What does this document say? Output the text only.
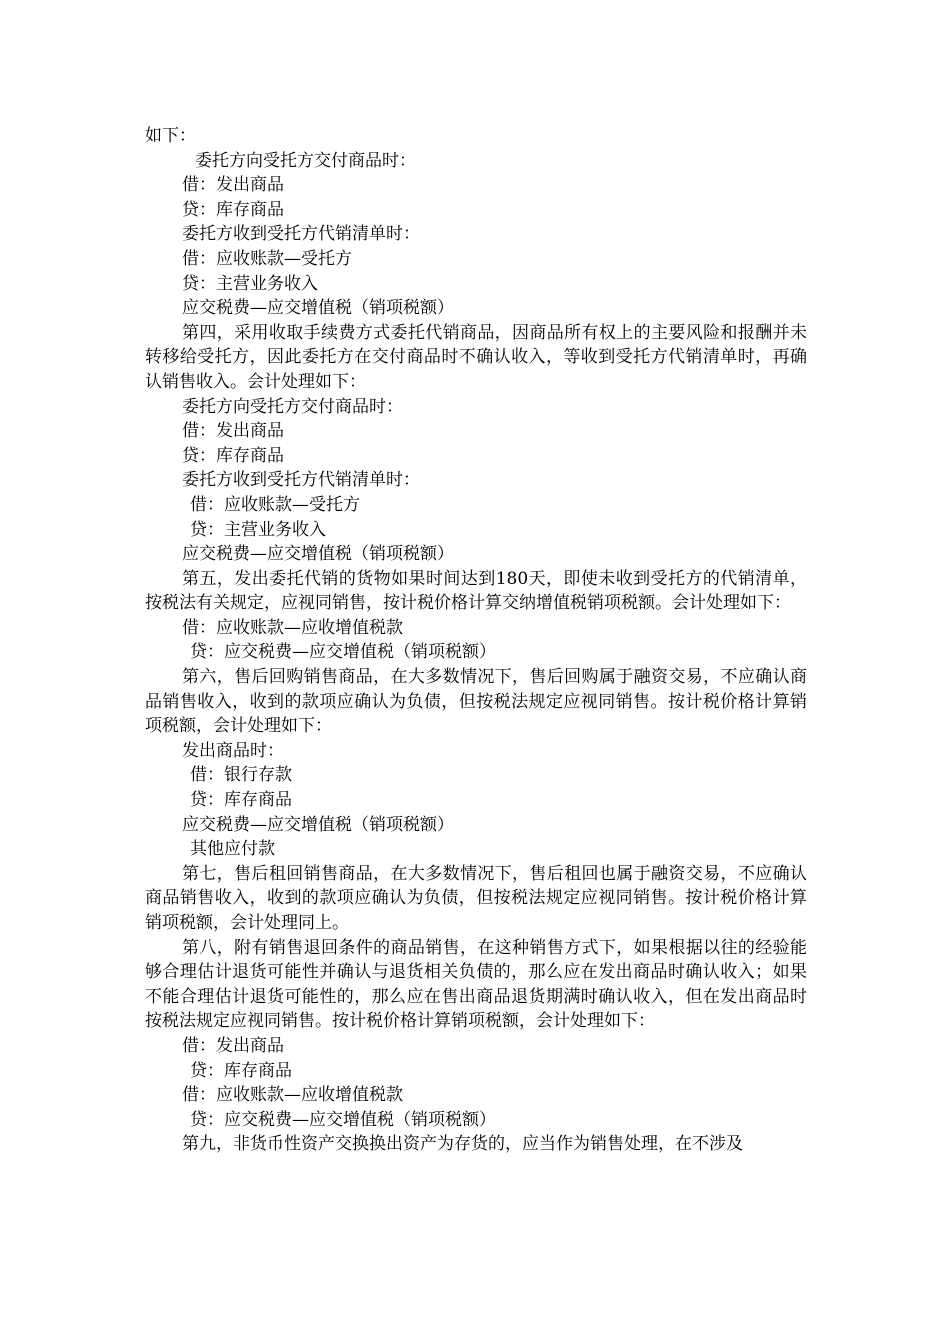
如下：
委托方向受托方交付商品时：
借：发出商品
贷：库存商品
委托方收到受托方代销清单时：
借：应收账款—受托方
贷：主营业务收入
应交税费—应交增值税（销项税额）
第四，采用收取手续费方式委托代销商品，因商品所有权上的主要风险和报酬并未转移给受托方，因此委托方在交付商品时不确认收入，等收到受托方代销清单时，再确认销售收入。会计处理如下：
委托方向受托方交付商品时：
借：发出商品
贷：库存商品
委托方收到受托方代销清单时：
借：应收账款—受托方
贷：主营业务收入
应交税费—应交增值税（销项税额）
第五，发出委托代销的货物如果时间达到180天，即使未收到受托方的代销清单，按税法有关规定，应视同销售，按计税价格计算交纳增值税销项税额。会计处理如下：
借：应收账款—应收增值税款
贷：应交税费—应交增值税（销项税额）
第六，售后回购销售商品，在大多数情况下，售后回购属于融资交易，不应确认商品销售收入，收到的款项应确认为负债，但按税法规定应视同销售。按计税价格计算销项税额，会计处理如下：
发出商品时：
借：银行存款
贷：库存商品
应交税费—应交增值税（销项税额）
其他应付款
第七，售后租回销售商品，在大多数情况下，售后租回也属于融资交易，不应确认商品销售收入，收到的款项应确认为负债，但按税法规定应视同销售。按计税价格计算销项税额，会计处理同上。
第八，附有销售退回条件的商品销售，在这种销售方式下，如果根据以往的经验能够合理估计退货可能性并确认与退货相关负债的，那么应在发出商品时确认收入；如果不能合理估计退货可能性的，那么应在售出商品退货期满时确认收入，但在发出商品时按税法规定应视同销售。按计税价格计算销项税额，会计处理如下：
借：发出商品
贷：库存商品
借：应收账款—应收增值税款
贷：应交税费—应交增值税（销项税额）
第九，非货币性资产交换换出资产为存货的，应当作为销售处理，在不涉及
